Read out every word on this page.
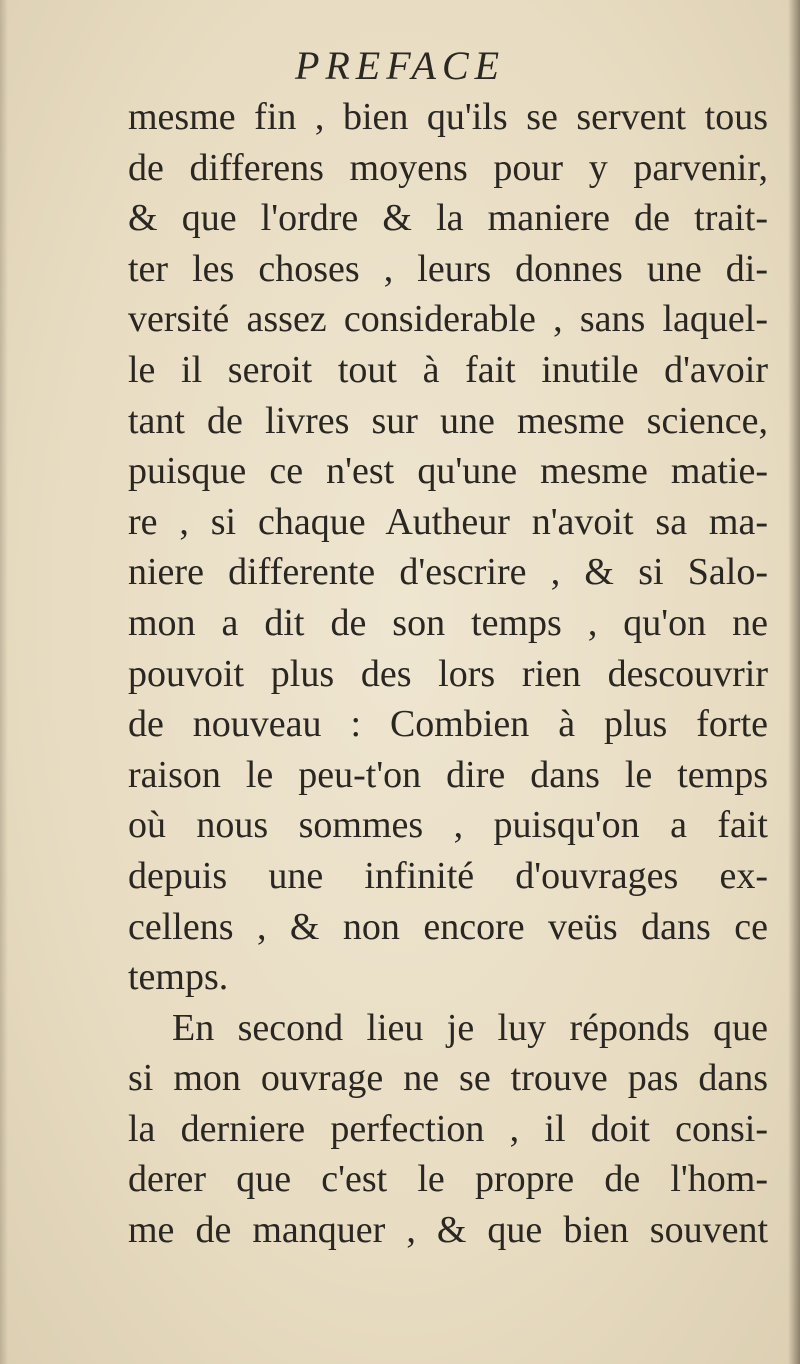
PREFACE
mesme fin , bien qu'ils se servent tous
de differens moyens pour y parvenir,
& que l'ordre & la maniere de trait-
ter les choses , leurs donnes une di-
versité assez considerable , sans laquel-
le il seroit tout à fait inutile d'avoir
tant de livres sur une mesme science,
puisque ce n'est qu'une mesme matie-
re , si chaque Autheur n'avoit sa ma-
niere differente d'escrire , & si Salo-
mon a dit de son temps , qu'on ne
pouvoit plus des lors rien descouvrir
de nouveau : Combien à plus forte
raison le peu-t'on dire dans le temps
où nous sommes , puisqu'on a fait
depuis une infinité d'ouvrages ex-
cellens , & non encore veüs dans ce
temps.
En second lieu je luy réponds que
si mon ouvrage ne se trouve pas dans
la derniere perfection , il doit consi-
derer que c'est le propre de l'hom-
me de manquer , & que bien souvent
